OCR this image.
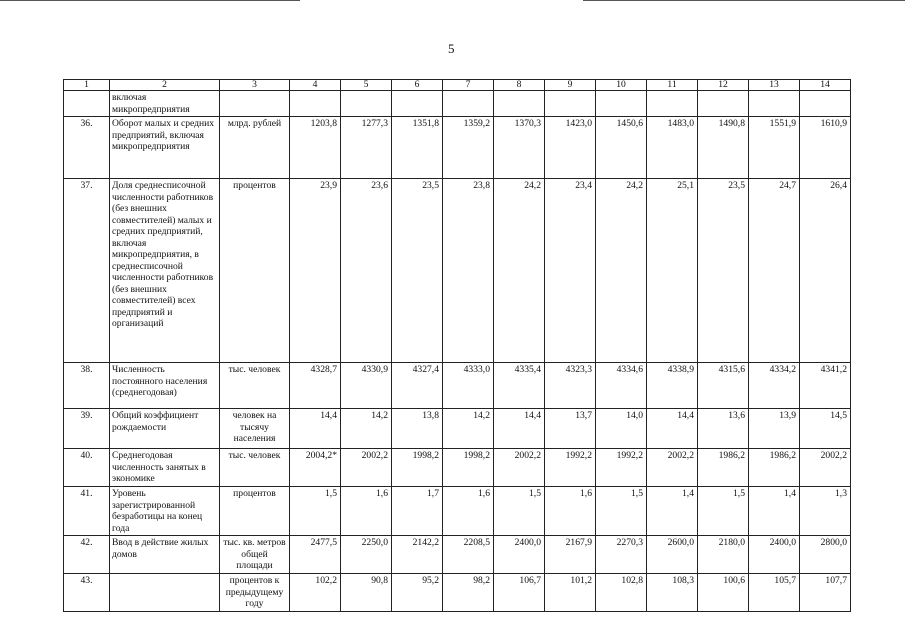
5
1	2	3	4	5	6	7	8	9	10	11	12	13	14
	включая микропредприятия												
36.	Оборот малых и средних предприятий, включая микропредприятия	млрд. рублей	1203,8	1277,3	1351,8	1359,2	1370,3	1423,0	1450,6	1483,0	1490,8	1551,9	1610,9
37.	Доля среднесписочной численности работников (без внешних совместителей) малых и средних предприятий, включая микропредприятия, в среднесписочной численности работников (без внешних совместителей) всех предприятий и организаций	процентов	23,9	23,6	23,5	23,8	24,2	23,4	24,2	25,1	23,5	24,7	26,4
38.	Численность постоянного населения (среднегодовая)	тыс. человек	4328,7	4330,9	4327,4	4333,0	4335,4	4323,3	4334,6	4338,9	4315,6	4334,2	4341,2
39.	Общий коэффициент рождаемости	человек на тысячу населения	14,4	14,2	13,8	14,2	14,4	13,7	14,0	14,4	13,6	13,9	14,5
40.	Среднегодовая численность занятых в экономике	тыс. человек	2004,2*	2002,2	1998,2	1998,2	2002,2	1992,2	1992,2	2002,2	1986,2	1986,2	2002,2
41.	Уровень зарегистрированной безработицы на конец года	процентов	1,5	1,6	1,7	1,6	1,5	1,6	1,5	1,4	1,5	1,4	1,3
42.	Ввод в действие жилых домов	тыс. кв. метров общей площади	2477,5	2250,0	2142,2	2208,5	2400,0	2167,9	2270,3	2600,0	2180,0	2400,0	2800,0
43.		процентов к предыдущему году	102,2	90,8	95,2	98,2	106,7	101,2	102,8	108,3	100,6	105,7	107,7
